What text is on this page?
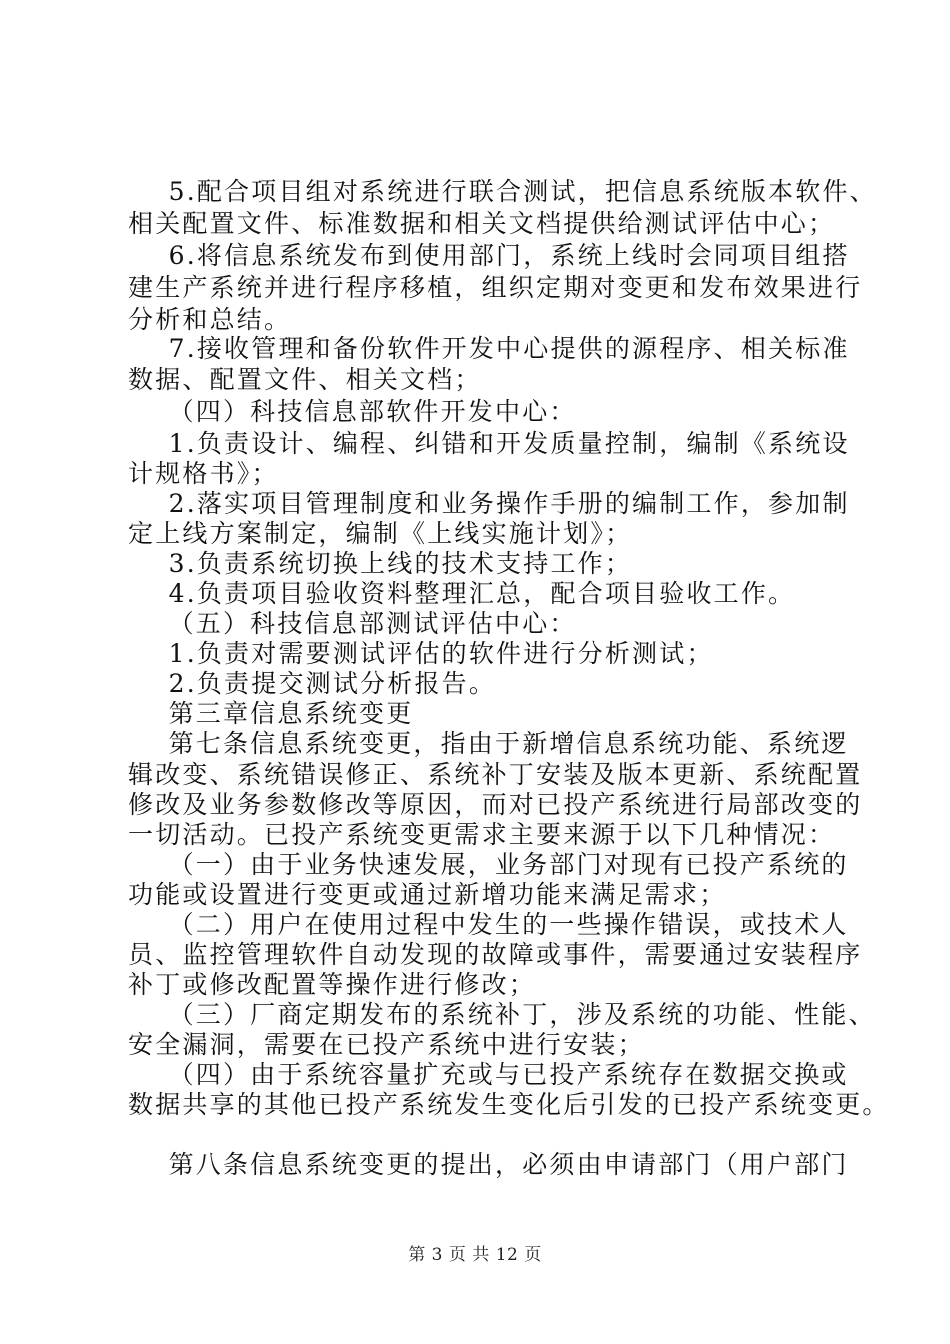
5.配合项目组对系统进行联合测试，把信息系统版本软件、
相关配置文件、标准数据和相关文档提供给测试评估中心；
6.将信息系统发布到使用部门，系统上线时会同项目组搭
建生产系统并进行程序移植，组织定期对变更和发布效果进行
分析和总结。
7.接收管理和备份软件开发中心提供的源程序、相关标准
数据、配置文件、相关文档；
（四）科技信息部软件开发中心：
1.负责设计、编程、纠错和开发质量控制，编制《系统设
计规格书》；
2.落实项目管理制度和业务操作手册的编制工作，参加制
定上线方案制定，编制《上线实施计划》；
3.负责系统切换上线的技术支持工作；
4.负责项目验收资料整理汇总，配合项目验收工作。
（五）科技信息部测试评估中心：
1.负责对需要测试评估的软件进行分析测试；
2.负责提交测试分析报告。
第三章信息系统变更
第七条信息系统变更，指由于新增信息系统功能、系统逻
辑改变、系统错误修正、系统补丁安装及版本更新、系统配置
修改及业务参数修改等原因，而对已投产系统进行局部改变的
一切活动。已投产系统变更需求主要来源于以下几种情况：
（一）由于业务快速发展，业务部门对现有已投产系统的
功能或设置进行变更或通过新增功能来满足需求；
（二）用户在使用过程中发生的一些操作错误，或技术人
员、监控管理软件自动发现的故障或事件，需要通过安装程序
补丁或修改配置等操作进行修改；
（三）厂商定期发布的系统补丁，涉及系统的功能、性能、
安全漏洞，需要在已投产系统中进行安装；
（四）由于系统容量扩充或与已投产系统存在数据交换或
数据共享的其他已投产系统发生变化后引发的已投产系统变更。
第八条信息系统变更的提出，必须由申请部门（用户部门
第 3 页 共 12 页
